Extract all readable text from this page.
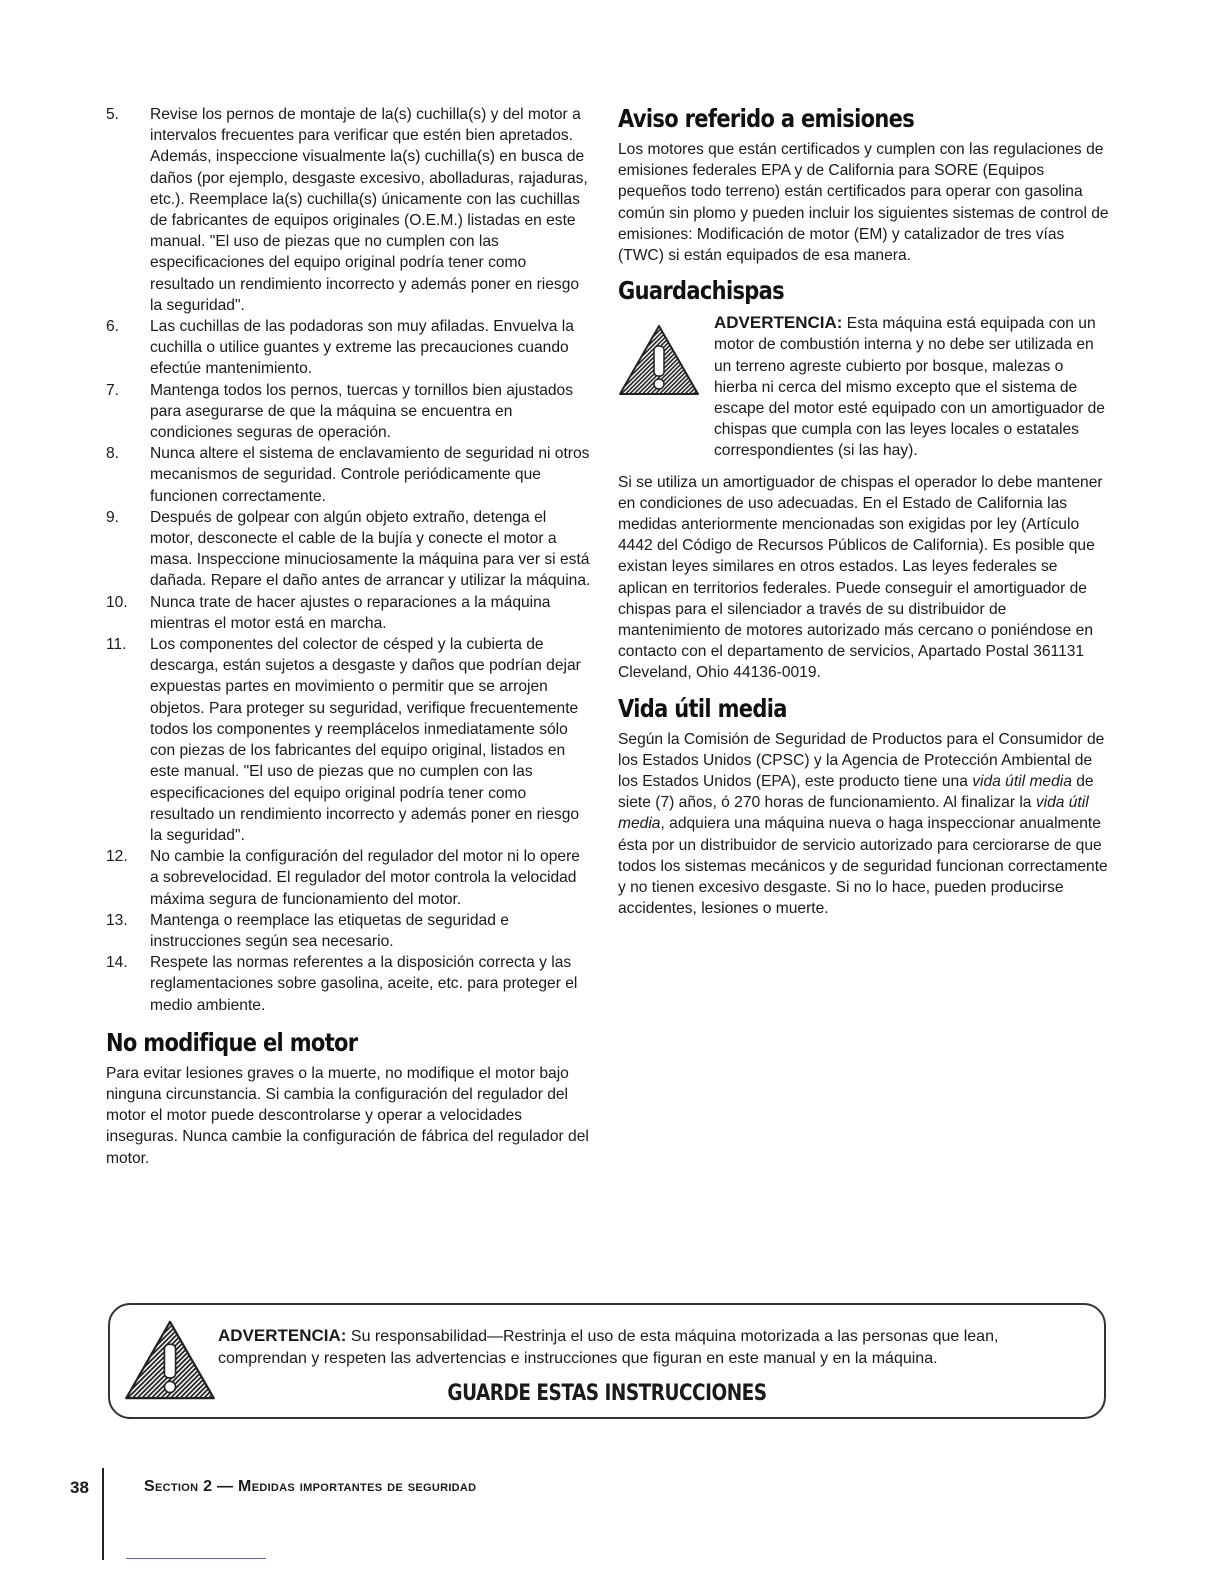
5. Revise los pernos de montaje de la(s) cuchilla(s) y del motor a intervalos frecuentes para verificar que estén bien apretados. Además, inspeccione visualmente la(s) cuchilla(s) en busca de daños (por ejemplo, desgaste excesivo, abolladuras, rajaduras, etc.). Reemplace la(s) cuchilla(s) únicamente con las cuchillas de fabricantes de equipos originales (O.E.M.) listadas en este manual. "El uso de piezas que no cumplen con las especificaciones del equipo original podría tener como resultado un rendimiento incorrecto y además poner en riesgo la seguridad".
6. Las cuchillas de las podadoras son muy afiladas. Envuelva la cuchilla o utilice guantes y extreme las precauciones cuando efectúe mantenimiento.
7. Mantenga todos los pernos, tuercas y tornillos bien ajustados para asegurarse de que la máquina se encuentra en condiciones seguras de operación.
8. Nunca altere el sistema de enclavamiento de seguridad ni otros mecanismos de seguridad. Controle periódicamente que funcionen correctamente.
9. Después de golpear con algún objeto extraño, detenga el motor, desconecte el cable de la bujía y conecte el motor a masa. Inspeccione minuciosamente la máquina para ver si está dañada. Repare el daño antes de arrancar y utilizar la máquina.
10. Nunca trate de hacer ajustes o reparaciones a la máquina mientras el motor está en marcha.
11. Los componentes del colector de césped y la cubierta de descarga, están sujetos a desgaste y daños que podrían dejar expuestas partes en movimiento o permitir que se arrojen objetos. Para proteger su seguridad, verifique frecuentemente todos los componentes y reemplácelos inmediatamente sólo con piezas de los fabricantes del equipo original, listados en este manual. "El uso de piezas que no cumplen con las especificaciones del equipo original podría tener como resultado un rendimiento incorrecto y además poner en riesgo la seguridad".
12. No cambie la configuración del regulador del motor ni lo opere a sobrevelocidad. El regulador del motor controla la velocidad máxima segura de funcionamiento del motor.
13. Mantenga o reemplace las etiquetas de seguridad e instrucciones según sea necesario.
14. Respete las normas referentes a la disposición correcta y las reglamentaciones sobre gasolina, aceite, etc. para proteger el medio ambiente.
No modifique el motor

Para evitar lesiones graves o la muerte, no modifique el motor bajo ninguna circunstancia. Si cambia la configuración del regulador del motor el motor puede descontrolarse y operar a velocidades inseguras. Nunca cambie la configuración de fábrica del regulador del motor.

Aviso referido a emisiones

Los motores que están certificados y cumplen con las regulaciones de emisiones federales EPA y de California para SORE (Equipos pequeños todo terreno) están certificados para operar con gasolina común sin plomo y pueden incluir los siguientes sistemas de control de emisiones: Modificación de motor (EM) y catalizador de tres vías (TWC) si están equipados de esa manera.

Guardachispas
ADVERTENCIA: Esta máquina está equipada con un motor de combustión interna y no debe ser utilizada en un terreno agreste cubierto por bosque, malezas o hierba ni cerca del mismo excepto que el sistema de escape del motor esté equipado con un amortiguador de chispas que cumpla con las leyes locales o estatales correspondientes (si las hay).

Si se utiliza un amortiguador de chispas el operador lo debe mantener en condiciones de uso adecuadas. En el Estado de California las medidas anteriormente mencionadas son exigidas por ley (Artículo 4442 del Código de Recursos Públicos de California). Es posible que existan leyes similares en otros estados. Las leyes federales se aplican en territorios federales. Puede conseguir el amortiguador de chispas para el silenciador a través de su distribuidor de mantenimiento de motores autorizado más cercano o poniéndose en contacto con el departamento de servicios, Apartado Postal 361131 Cleveland, Ohio 44136-0019.

Vida útil media

Según la Comisión de Seguridad de Productos para el Consumidor de los Estados Unidos (CPSC) y la Agencia de Protección Ambiental de los Estados Unidos (EPA), este producto tiene una vida útil media de siete (7) años, ó 270 horas de funcionamiento. Al finalizar la vida útil media, adquiera una máquina nueva o haga inspeccionar anualmente ésta por un distribuidor de servicio autorizado para cerciorarse de que todos los sistemas mecánicos y de seguridad funcionan correctamente y no tienen excesivo desgaste. Si no lo hace, pueden producirse accidentes, lesiones o muerte.

ADVERTENCIA: Su responsabilidad—Restrinja el uso de esta máquina motorizada a las personas que lean, comprendan y respeten las advertencias e instrucciones que figuran en este manual y en la máquina.
GUARDE ESTAS INSTRUCCIONES
38	Section 2 — Medidas importantes de seguridad
